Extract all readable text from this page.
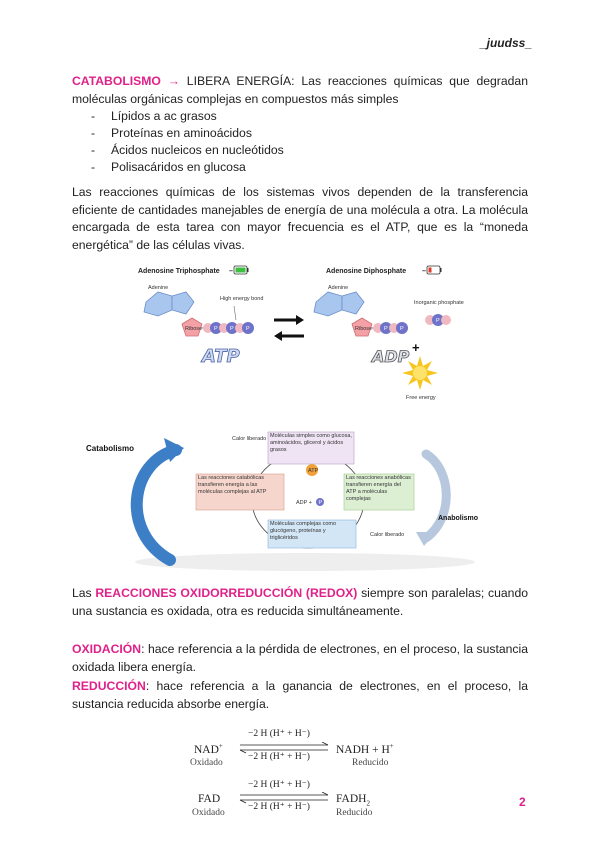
_juudss_
CATABOLISMO → LIBERA ENERGÍA: Las reacciones químicas que degradan moléculas orgánicas complejas en compuestos más simples
- Lípidos a ac grasos
- Proteínas en aminoácidos
- Ácidos nucleicos en nucleótidos
- Polisacáridos en glucosa
Las reacciones químicas de los sistemas vivos dependen de la transferencia eficiente de cantidades manejables de energía de una molécula a otra. La molécula encargada de esta tarea con mayor frecuencia es el ATP, que es la “moneda energética” de las células vivas.
Adenosine Triphosphate –	Adenosine Diphosphate –
Adenine
Ribose P P P
High energy bond
ATP
Adenine
Ribose P P
Inorganic phosphate
P
+
ADP
Free energy
Catabolismo
Anabolismo
Calor liberado
Calor liberado
Moléculas simples como glucosa, aminoácidos, glicerol y ácidos grasos
Las reacciones catabólicas transfieren energía a las moléculas complejas al ATP
Las reacciones anabólicas transfieren energía del ATP a moléculas complejas
Moléculas complejas como glucógeno, proteínas y triglicéridos
ATP
ADP + P
Las REACCIONES OXIDORREDUCCIÓN (REDOX) siempre son paralelas; cuando una sustancia es oxidada, otra es reducida simultáneamente.
OXIDACIÓN: hace referencia a la pérdida de electrones, en el proceso, la sustancia oxidada libera energía.
REDUCCIÓN: hace referencia a la ganancia de electrones, en el proceso, la sustancia reducida absorbe energía.
NAD+
Oxidado
−2 H (H⁺ + H⁻)
−2 H (H⁺ + H⁻)
NADH + H+
Reducido
FAD
Oxidado
−2 H (H⁺ + H⁻)
−2 H (H⁺ + H⁻)
$FADH_2$
Reducido
2
